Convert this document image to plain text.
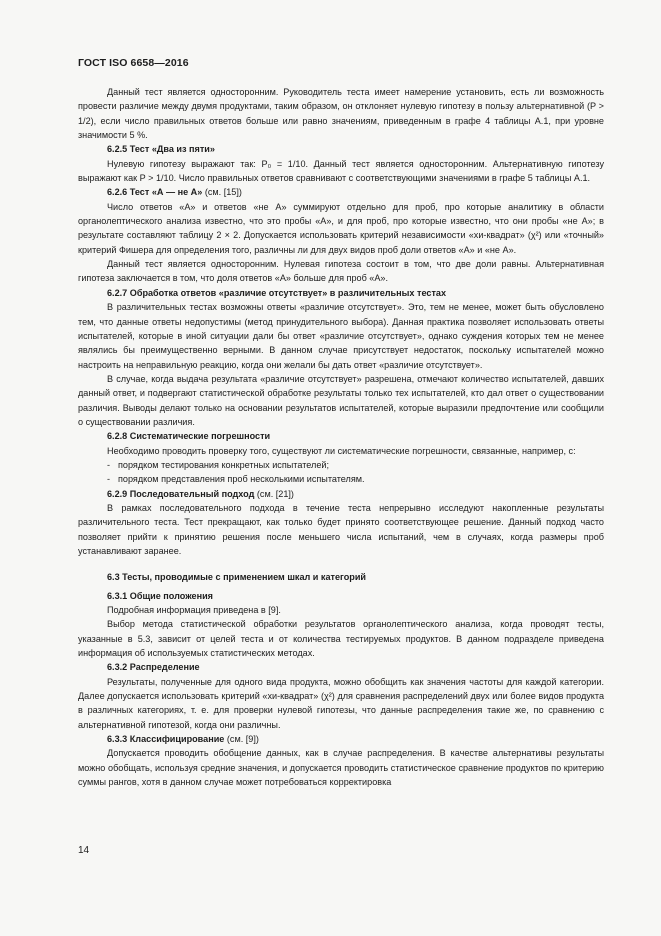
ГОСТ ISO 6658—2016

Данный тест является односторонним. Руководитель теста имеет намерение установить, есть ли возможность провести различие между двумя продуктами, таким образом, он отклоняет нулевую гипотезу в пользу альтернативной (P > 1/2), если число правильных ответов больше или равно значениям, приведенным в графе 4 таблицы А.1, при уровне значимости 5 %.

6.2.5 Тест «Два из пяти»

Нулевую гипотезу выражают так: P₀ = 1/10. Данный тест является односторонним. Альтернативную гипотезу выражают как P > 1/10. Число правильных ответов сравнивают с соответствующими значениями в графе 5 таблицы А.1.

6.2.6 Тест «А — не А» (см. [15])

Число ответов «А» и ответов «не А» суммируют отдельно для проб, про которые аналитику в области органолептического анализа известно, что это пробы «А», и для проб, про которые известно, что они пробы «не А»; в результате составляют таблицу 2 × 2. Допускается использовать критерий независимости «хи-квадрат» (χ²) или «точный» критерий Фишера для определения того, различны ли для двух видов проб доли ответов «А» и «не А».

Данный тест является односторонним. Нулевая гипотеза состоит в том, что две доли равны. Альтернативная гипотеза заключается в том, что доля ответов «А» больше для проб «А».

6.2.7 Обработка ответов «различие отсутствует» в различительных тестах

В различительных тестах возможны ответы «различие отсутствует». Это, тем не менее, может быть обусловлено тем, что данные ответы недопустимы (метод принудительного выбора). Данная практика позволяет использовать ответы испытателей, которые в иной ситуации дали бы ответ «различие отсутствует», однако суждения которых тем не менее являлись бы преимущественно верными. В данном случае присутствует недостаток, поскольку испытателей можно настроить на неправильную реакцию, когда они желали бы дать ответ «различие отсутствует».

В случае, когда выдача результата «различие отсутствует» разрешена, отмечают количество испытателей, давших данный ответ, и подвергают статистической обработке результаты только тех испытателей, кто дал ответ о существовании различия. Выводы делают только на основании результатов испытателей, которые выразили предпочтение или сообщили о существовании различия.

6.2.8 Систематические погрешности

Необходимо проводить проверку того, существуют ли систематические погрешности, связанные, например, с:

- порядком тестирования конкретных испытателей;

- порядком представления проб несколькими испытателям.

6.2.9 Последовательный подход (см. [21])

В рамках последовательного подхода в течение теста непрерывно исследуют накопленные результаты различительного теста. Тест прекращают, как только будет принято соответствующее решение. Данный подход часто позволяет прийти к принятию решения после меньшего числа испытаний, чем в случаях, когда размеры проб устанавливают заранее.

6.3 Тесты, проводимые с применением шкал и категорий

6.3.1 Общие положения

Подробная информация приведена в [9].

Выбор метода статистической обработки результатов органолептического анализа, когда проводят тесты, указанные в 5.3, зависит от целей теста и от количества тестируемых продуктов. В данном подразделе приведена информация об используемых статистических методах.

6.3.2 Распределение

Результаты, полученные для одного вида продукта, можно обобщить как значения частоты для каждой категории. Далее допускается использовать критерий «хи-квадрат» (χ²) для сравнения распределений двух или более видов продукта в различных категориях, т. е. для проверки нулевой гипотезы, что данные распределения такие же, по сравнению с альтернативной гипотезой, когда они различны.

6.3.3 Классифицирование (см. [9])

Допускается проводить обобщение данных, как в случае распределения. В качестве альтернативы результаты можно обобщать, используя средние значения, и допускается проводить статистическое сравнение продуктов по критерию суммы рангов, хотя в данном случае может потребоваться корректировка

14
